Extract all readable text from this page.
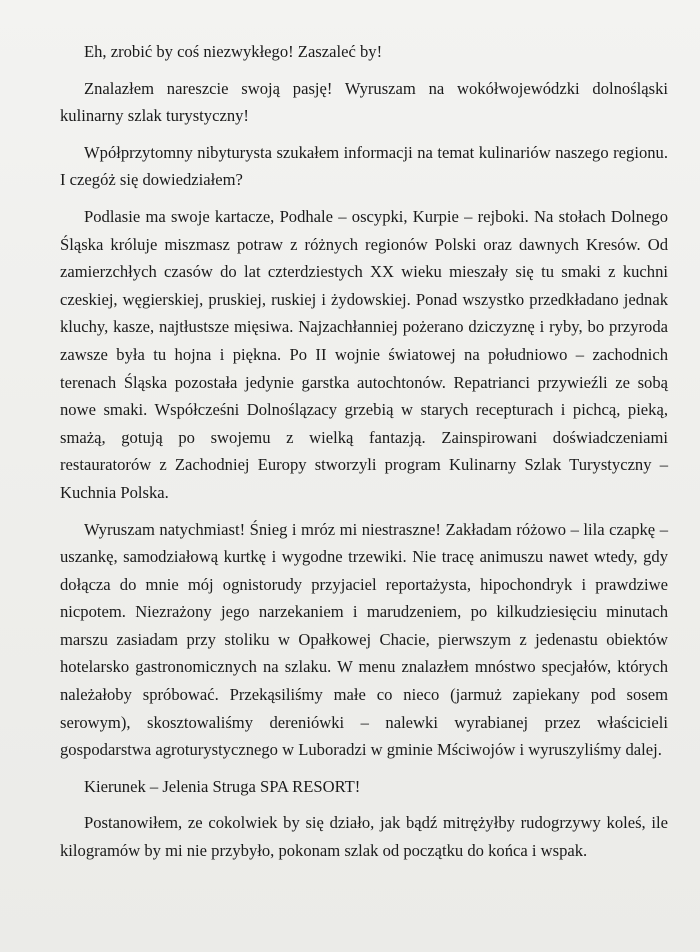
Eh, zrobić by coś niezwykłego! Zaszaleć by!

Znalazłem nareszcie swoją pasję! Wyruszam na wokółwojewódzki dolnośląski kulinarny szlak turystyczny!

Wpółprzytomny nibyturysta szukałem informacji na temat kulinariów naszego regionu. I czegóż się dowiedziałem?

Podlasie ma swoje kartacze, Podhale – oscypki, Kurpie – rejboki. Na stołach Dolnego Śląska króluje miszmasz potraw z różnych regionów Polski oraz dawnych Kresów. Od zamierzchłych czasów do lat czterdziestych XX wieku mieszały się tu smaki z kuchni czeskiej, węgierskiej, pruskiej, ruskiej i żydowskiej. Ponad wszystko przedkładano jednak kluchy, kasze, najtłustsze mięsiwa. Najzachłanniej pożerano dziczyznę i ryby, bo przyroda zawsze była tu hojna i piękna. Po II wojnie światowej na południowo – zachodnich terenach Śląska pozostała jedynie garstka autochtonów. Repatrianci przywieźli ze sobą nowe smaki. Współcześni Dolnoślązacy grzebią w starych recepturach i pichcą, pieką, smażą, gotują po swojemu z wielką fantazją. Zainspirowani doświadczeniami restauratorów z Zachodniej Europy stworzyli program Kulinarny Szlak Turystyczny – Kuchnia Polska.

Wyruszam natychmiast! Śnieg i mróz mi niestraszne! Zakładam różowo – lila czapkę – uszankę, samodziałową kurtkę i wygodne trzewiki. Nie tracę animuszu nawet wtedy, gdy dołącza do mnie mój ognistorudy przyjaciel reportażysta, hipochondryk i prawdziwe nicpotem. Niezrażony jego narzekaniem i marudzeniem, po kilkudziesięciu minutach marszu zasiadam przy stoliku w Opałkowej Chacie, pierwszym z jedenastu obiektów hotelarsko gastronomicznych na szlaku. W menu znalazłem mnóstwo specjałów, których należałoby spróbować. Przekąsiliśmy małe co nieco (jarmuż zapiekany pod sosem serowym), skosztowaliśmy dereniówki – nalewki wyrabianej przez właścicieli gospodarstwa agroturystycznego w Luboradzi w gminie Mściwojów i wyruszyliśmy dalej.

Kierunek – Jelenia Struga SPA RESORT!

Postanowiłem, ze cokolwiek by się działo, jak bądź mitrężyłby rudogrzywy koleś, ile kilogramów by mi nie przybyło, pokonam szlak od początku do końca i wspak.
